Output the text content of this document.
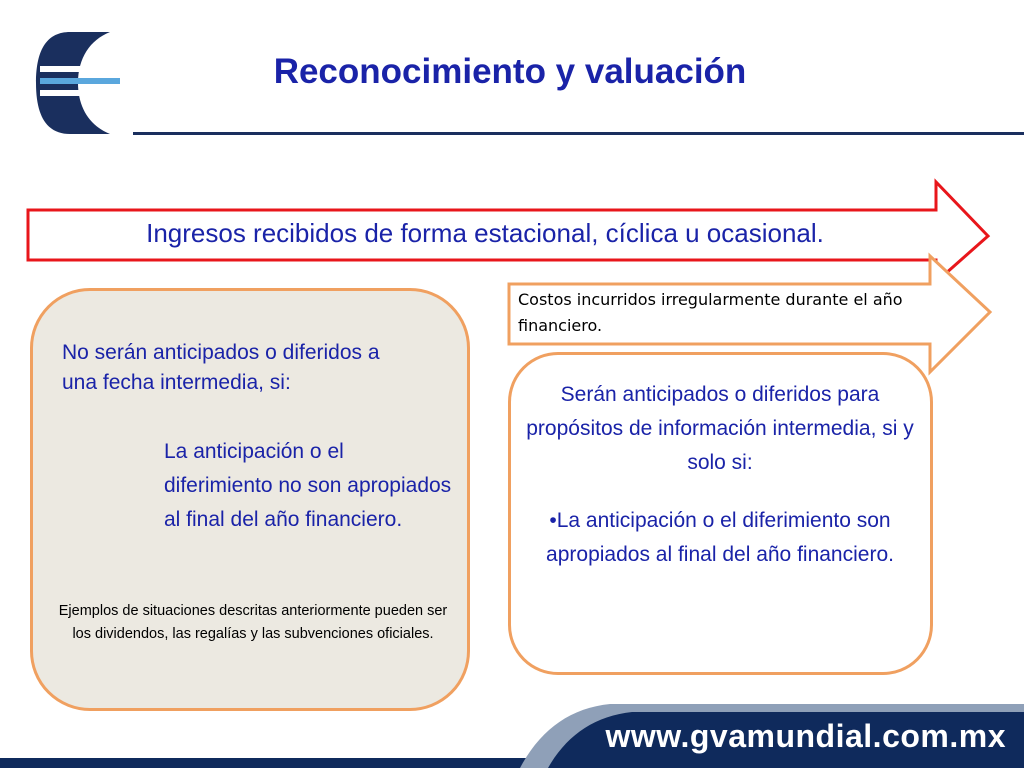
Reconocimiento y valuación
Ingresos recibidos de forma estacional, cíclica u ocasional.
Costos incurridos irregularmente durante el año financiero.
No serán anticipados o diferidos a una fecha intermedia, si:
La anticipación o el diferimiento no son apropiados al final del año financiero.
Ejemplos de situaciones descritas anteriormente pueden ser los dividendos, las regalías y las subvenciones oficiales.

Serán anticipados o diferidos para propósitos de información intermedia, si y solo si:

•La anticipación o el diferimiento son apropiados al final del año financiero.

www.gvamundial.com.mx
